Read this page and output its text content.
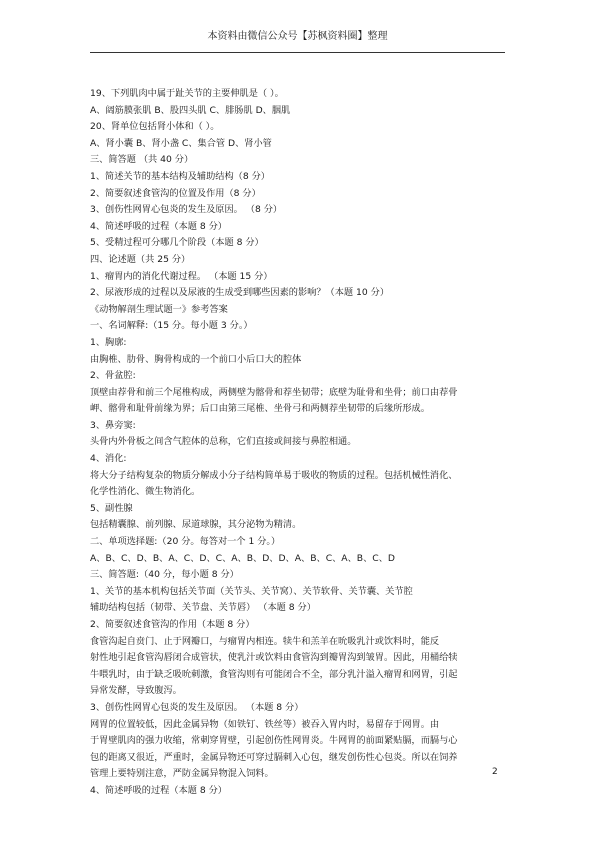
本资料由微信公众号【苏枫资料圈】整理
19、下列肌肉中属于趾关节的主要伸肌是（ ）。
A、阔筋膜张肌 B、股四头肌 C、腓肠肌 D、胭肌
20、肾单位包括肾小体和（ ）。
A、肾小囊 B、肾小盏 C、集合管 D、肾小管
三、简答题 （共 40 分）
1、简述关节的基本结构及辅助结构（8 分）
2、简要叙述食管沟的位置及作用（8 分）
3、创伤性网胃心包炎的发生及原因。 （8 分）
4、简述呼吸的过程（本题 8 分）
5、受精过程可分哪几个阶段（本题 8 分）
四、论述题（共 25 分）
1、瘤胃内的消化代谢过程。 （本题 15 分）
2、尿液形成的过程以及尿液的生成受到哪些因素的影响？（本题 10 分）
《动物解剖生理试题一》参考答案
一、名词解释:（15 分。每小题 3 分。）
1、胸廓:
由胸椎、肋骨、胸骨构成的一个前口小后口大的腔体
2、骨盆腔:
顶壁由荐骨和前三个尾椎构成，两侧壁为髂骨和荐坐韧带；底壁为耻骨和坐骨；前口由荐骨
岬、髂骨和耻骨前缘为界；后口由第三尾椎、坐骨弓和两侧荐坐韧带的后缘所形成。
3、鼻旁窦:
头骨内外骨板之间含气腔体的总称，它们直接或间接与鼻腔相通。
4、消化:
将大分子结构复杂的物质分解成小分子结构简单易于吸收的物质的过程。包括机械性消化、
化学性消化、微生物消化。
5、副性腺
包括精囊腺、前列腺、尿道球腺，其分泌物为精清。
二、单项选择题:（20 分。每答对一个 1 分。）
A、B、C、D、B、A、C、D、C、A、B、D、D、A、B、C、A、B、C、D
三、简答题:（40 分，每小题 8 分）
1、关节的基本机构包括关节面（关节头、关节窝）、关节软骨、关节囊、关节腔
辅助结构包括（韧带、关节盘、关节唇） （本题 8 分）
2、简要叙述食管沟的作用（本题 8 分）
食管沟起自贲门、止于网瓣口，与瘤胃内相连。犊牛和羔羊在吮吸乳汁或饮料时，能反
射性地引起食管沟唇闭合成管状，使乳汁或饮料由食管沟到瓣胃沟到皱胃。因此，用桶给犊
牛喂乳时，由于缺乏吸吮刺激，食管沟则有可能闭合不全，部分乳汁溢入瘤胃和网胃，引起
异常发酵，导致腹泻。
3、创伤性网胃心包炎的发生及原因。 （本题 8 分）
网胃的位置较低，因此金属异物（如铁钉、铁丝等）被吞入胃内时，易留存于网胃。由
于胃壁肌肉的强力收缩，常刺穿胃壁，引起创伤性网胃炎。牛网胃的前面紧贴膈，而膈与心
包的距离又很近，严重时，金属异物还可穿过膈刺入心包，继发创伤性心包炎。所以在饲养
管理上要特别注意，严防金属异物混入饲料。
4、简述呼吸的过程（本题 8 分）
2
